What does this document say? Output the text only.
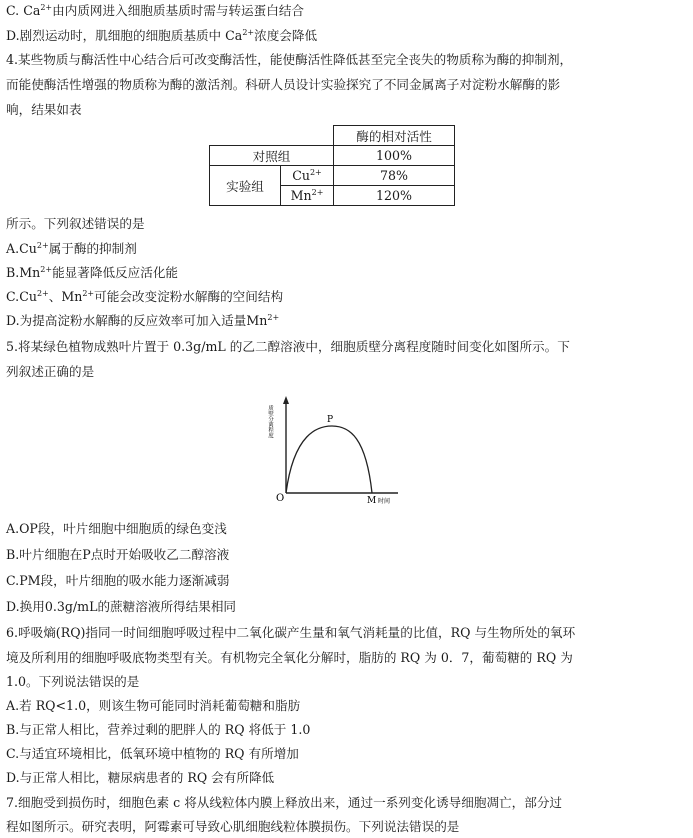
C. $Ca^{2+}$由内质网进入细胞质基质时需与转运蛋白结合
D.剧烈运动时，肌细胞的细胞质基质中 $Ca^{2+}$浓度会降低
4.某些物质与酶活性中心结合后可改变酶活性，能使酶活性降低甚至完全丧失的物质称为酶的抑制剂，
而能使酶活性增强的物质称为酶的激活剂。科研人员设计实验探究了不同金属离子对淀粉水解酶的影
响，结果如表
		酶的相对活性
对照组		100%
实验组	$Cu^{2+}$	78%
	$Mn^{2+}$	120%
所示。下列叙述错误的是
$A.Cu^{2+}$属于酶的抑制剂
$B.Mn^{2+}$能显著降低反应活化能
$C.Cu^{2+}$、$Mn^{2+}$可能会改变淀粉水解酶的空间结构
D.为提高淀粉水解酶的反应效率可加入适量$Mn^{2+}$
5.将某绿色植物成熟叶片置于 0.3g/mL 的乙二醇溶液中，细胞质壁分离程度随时间变化如图所示。下
列叙述正确的是
质壁分离程度
O
P
M 时间
A.OP段，叶片细胞中细胞质的绿色变浅
B.叶片细胞在P点时开始吸收乙二醇溶液
C.PM段，叶片细胞的吸水能力逐渐减弱
D.换用0.3g/mL的蔗糖溶液所得结果相同
6.呼吸熵(RQ)指同一时间细胞呼吸过程中二氧化碳产生量和氧气消耗量的比值，RQ 与生物所处的氧环
境及所利用的细胞呼吸底物类型有关。有机物完全氧化分解时，脂肪的 RQ 为 0．7，葡萄糖的 RQ 为
1.0。下列说法错误的是
A.若 RQ<1.0，则该生物可能同时消耗葡萄糖和脂肪
B.与正常人相比，营养过剩的肥胖人的 RQ 将低于 1.0
C.与适宜环境相比，低氧环境中植物的 RQ 有所增加
D.与正常人相比，糖尿病患者的 RQ 会有所降低
7.细胞受到损伤时，细胞色素 c 将从线粒体内膜上释放出来，通过一系列变化诱导细胞凋亡，部分过
程如图所示。研究表明，阿霉素可导致心肌细胞线粒体膜损伤。下列说法错误的是
